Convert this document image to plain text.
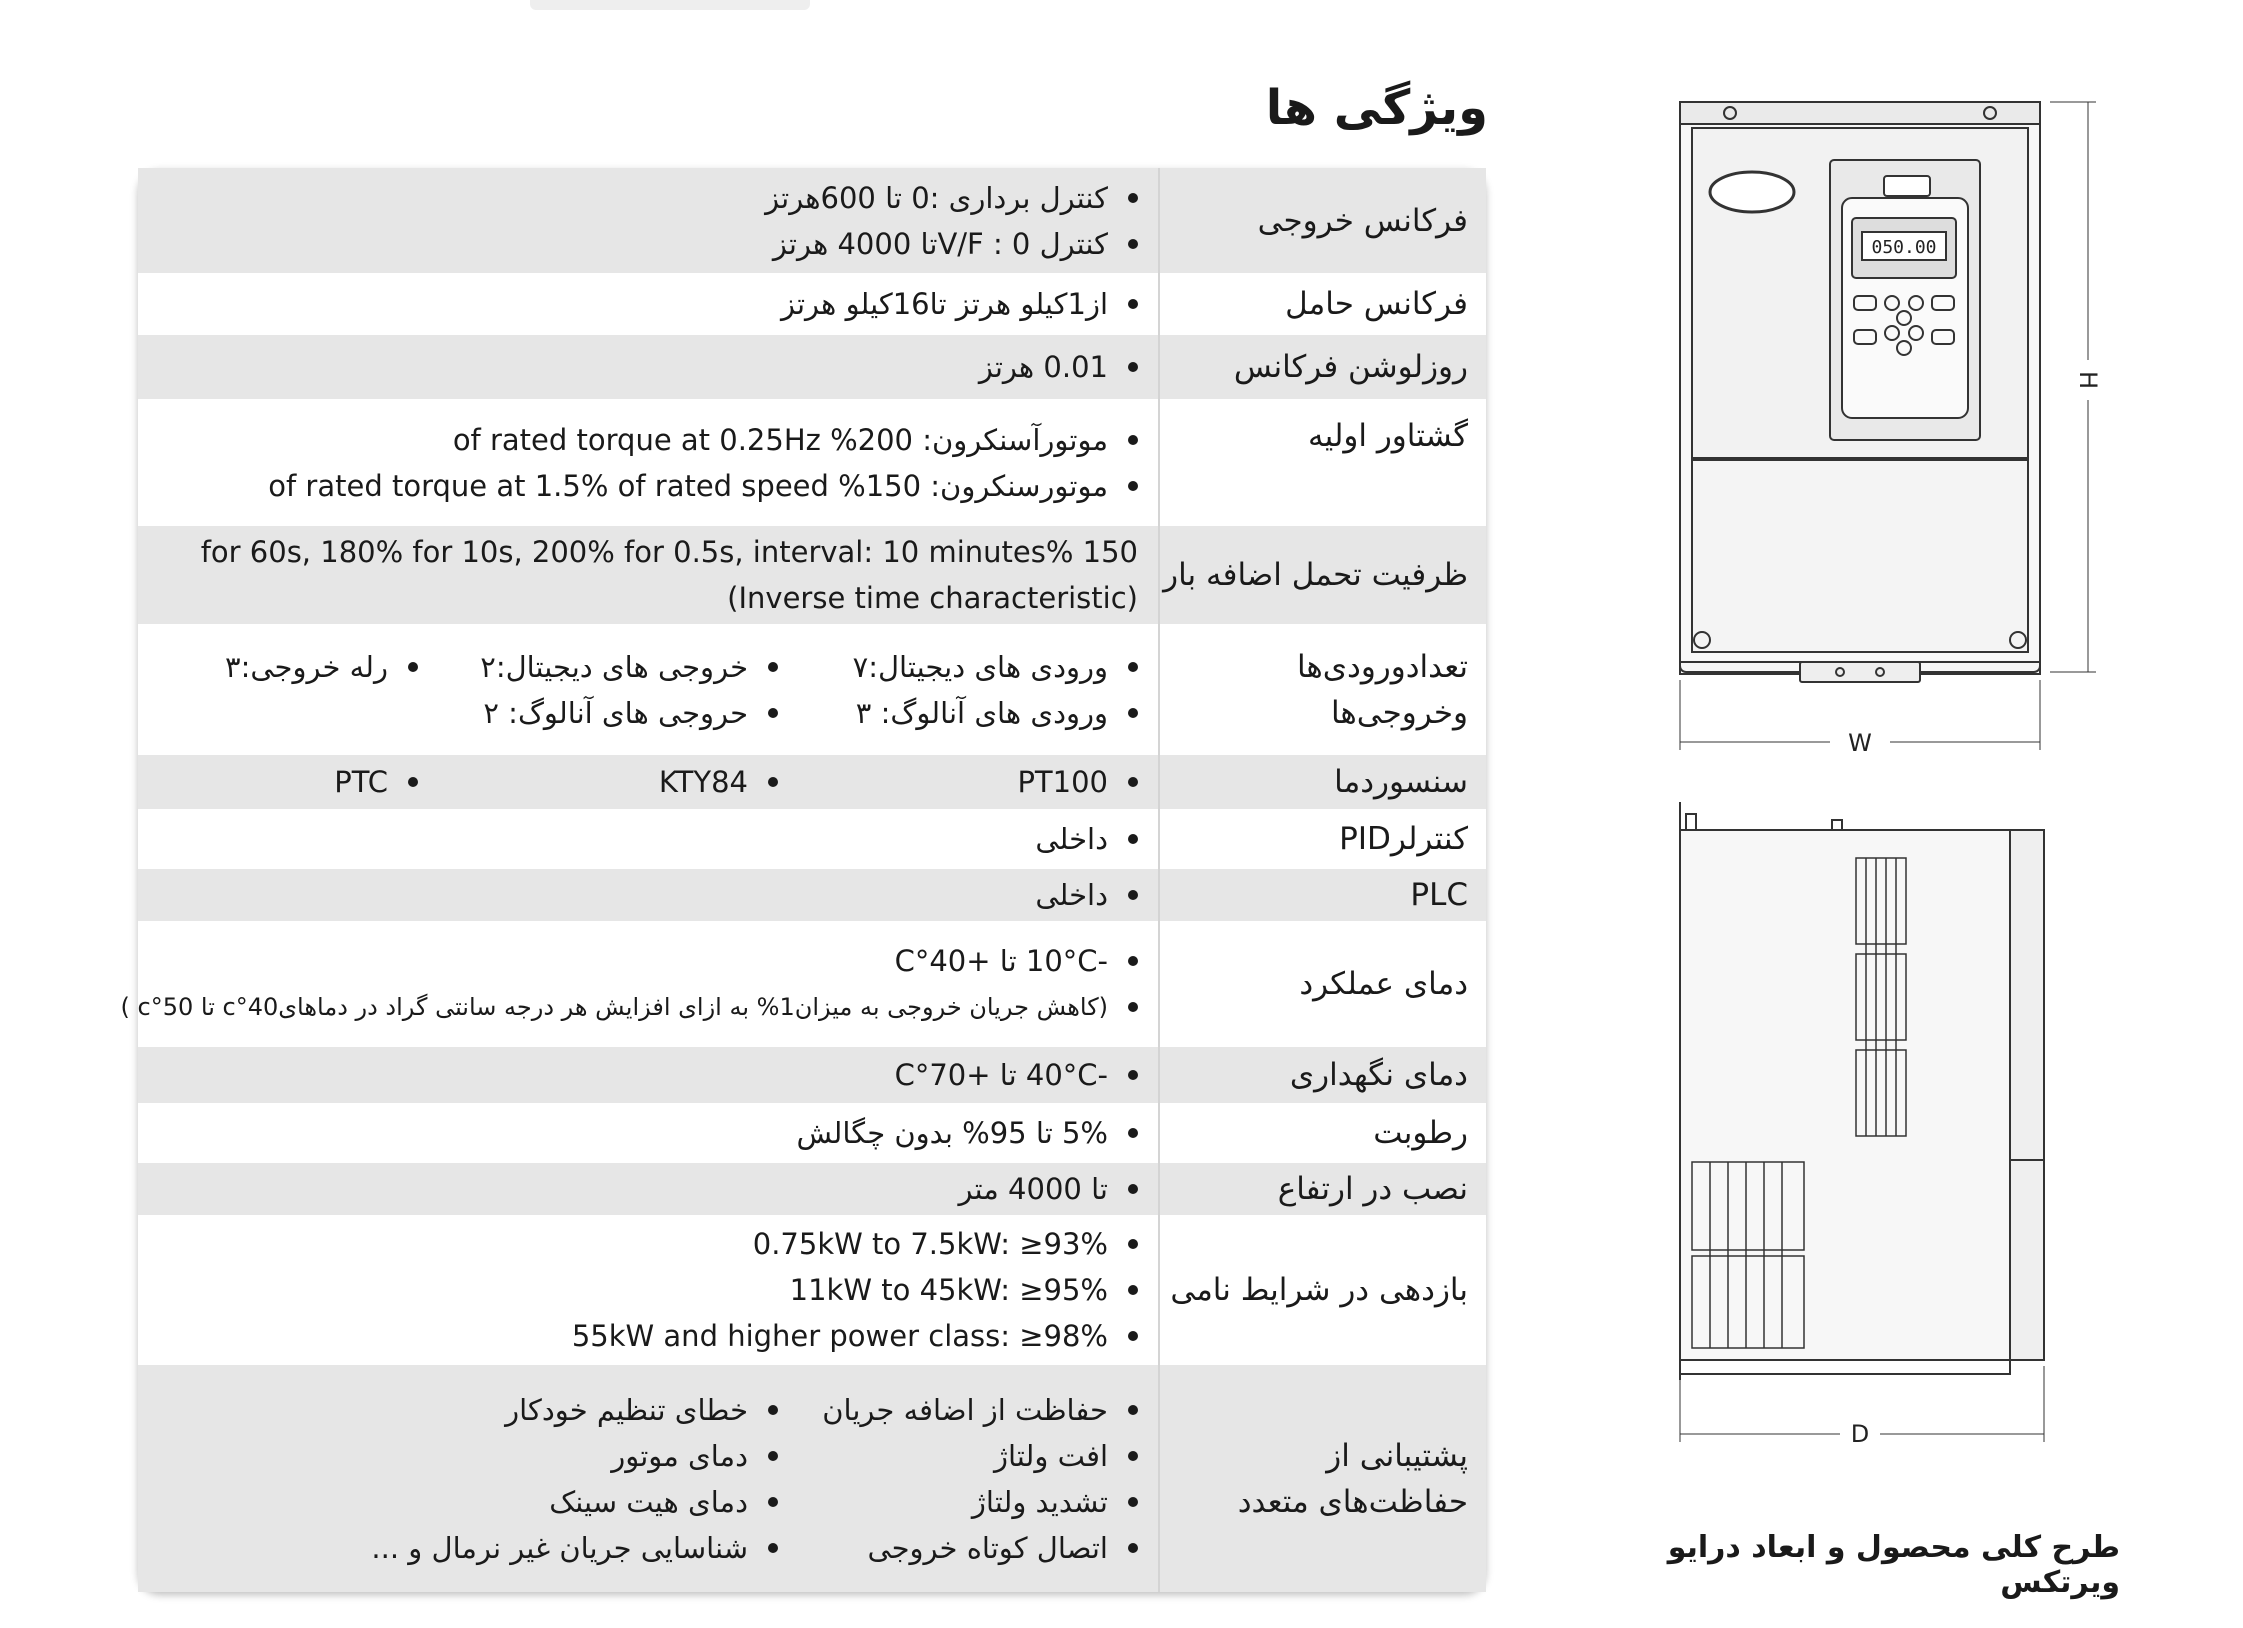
ویژگی ها
فرکانس خروجی
کنترل برداری :0 تا 600هرتز
کنترل V/F : 0تا 4000 هرتز
فرکانس حامل
از1کیلو هرتز تا16کیلو هرتز
روزلوشن فرکانس
0.01 هرتز
گشتاور اولیه
موتورآسنکرون: 200% of rated torque at 0.25Hz
موتورسنکرون: 150% of rated torque at 1.5% of rated speed
ظرفیت تحمل اضافه بار
150 %for 60s, 180% for 10s, 200% for 0.5s, interval: 10 minutes
(Inverse time characteristic)
تعدادورودی‌ها
وخروجی‌ها
ورودی های دیجیتال:۷
خروجی های دیجیتال:۲
رله خروجی:۳
ورودی های آنالوگ: ۳
حروجی های آنالوگ: ۲
سنسوردما
PT100
KTY84
PTC
کنترلرPID
داخلی
PLC
داخلی
دمای عملکرد
-10°C تا +40°C
(کاهش جریان خروجی به میزان1% به ازای افزایش هر درجه سانتی گراد در دماهای40°c تا 50°c )
دمای نگهداری
-40°C تا +70°C
رطوبت
5% تا 95% بدون چگالش
نصب در ارتفاع
تا 4000 متر
بازدهی در شرایط نامی
0.75kW to 7.5kW: ≥93%
11kW to 45kW: ≥95%
55kW and higher power class: ≥98%
پشتیبانی از
حفاظت‌های متعدد
حفاظت از اضافه جریان
خطای تنظیم خودکار
افت ولتاژ
دمای موتور
تشدید ولتاژ
دمای هیت سینک
اتصال کوتاه خروجی
شناسایی جریان غیر نرمال و ...
050.00
H
W
D
طرح کلی محصول و ابعاد درایو ویرتکس
